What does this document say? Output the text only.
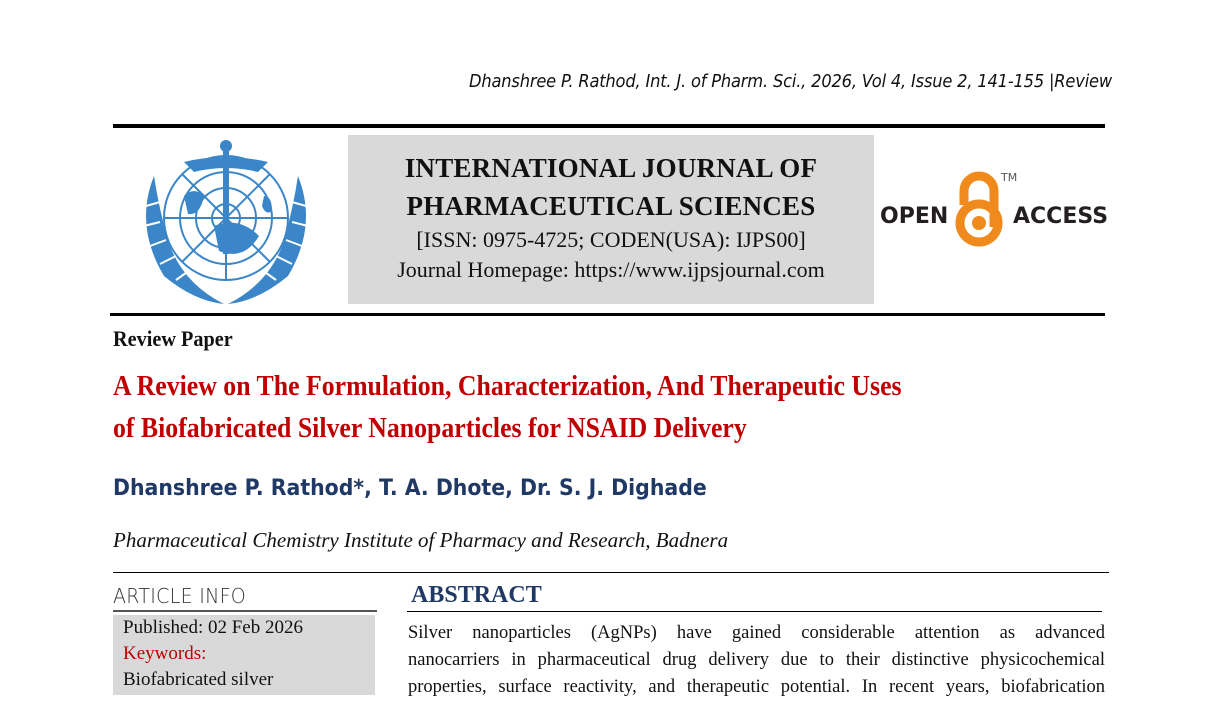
Dhanshree P. Rathod, Int. J. of Pharm. Sci., 2026, Vol 4, Issue 2, 141-155 |Review
INTERNATIONAL JOURNAL OF
PHARMACEUTICAL SCIENCES
[ISSN: 0975-4725; CODEN(USA): IJPS00]
Journal Homepage: https://www.ijpsjournal.com
OPEN
TM
ACCESS
Review Paper
A Review on The Formulation, Characterization, And Therapeutic Uses
of Biofabricated Silver Nanoparticles for NSAID Delivery
Dhanshree P. Rathod*, T. A. Dhote, Dr. S. J. Dighade
Pharmaceutical Chemistry Institute of Pharmacy and Research, Badnera
ARTICLE INFO
Published: 02 Feb 2026
Keywords:
Biofabricated silver
ABSTRACT
Silver nanoparticles (AgNPs) have gained considerable attention as advanced
nanocarriers in pharmaceutical drug delivery due to their distinctive physicochemical
properties, surface reactivity, and therapeutic potential. In recent years, biofabrication
